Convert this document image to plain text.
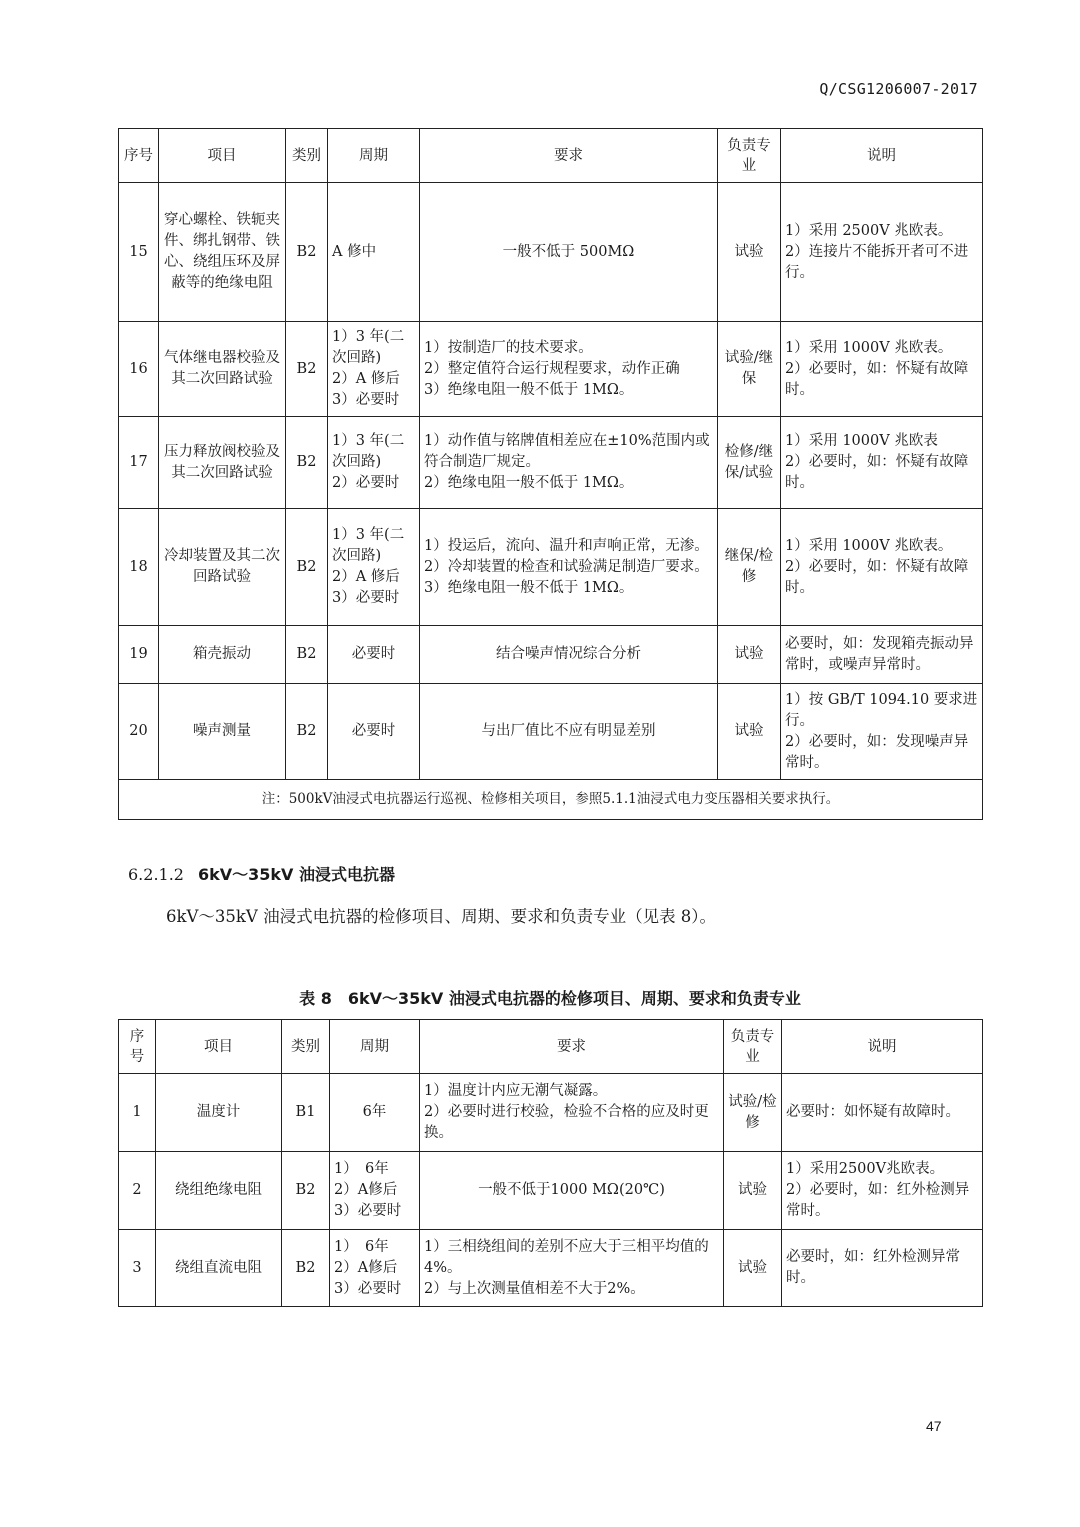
Q/CSG1206007-2017
序号	项目	类别	周期	要求	负责专业	说明
15	穿心螺栓、铁轭夹件、绑扎钢带、铁心、绕组压环及屏蔽等的绝缘电阻	B2	A 修中	一般不低于 500MΩ	试验	1）采用 2500V 兆欧表。
2）连接片不能拆开者可不进行。

16	气体继电器校验及其二次回路试验	B2	1）3 年(二次回路)
2）A 修后
3）必要时	1）按制造厂的技术要求。
2）整定值符合运行规程要求，动作正确
3）绝缘电阻一般不低于 1MΩ。	试验/继保	1）采用 1000V 兆欧表。
2）必要时，如：怀疑有故障时。

17	压力释放阀校验及其二次回路试验	B2	1）3 年(二次回路)
2）必要时	1）动作值与铭牌值相差应在±10%范围内或符合制造厂规定。
2）绝缘电阻一般不低于 1MΩ。	检修/继保/试验	1）采用 1000V 兆欧表
2）必要时，如：怀疑有故障时。

18	冷却装置及其二次回路试验	B2	1）3 年(二次回路)
2）A 修后
3）必要时	1）投运后，流向、温升和声响正常，无渗。
2）冷却装置的检查和试验满足制造厂要求。
3）绝缘电阻一般不低于 1MΩ。	继保/检修	1）采用 1000V 兆欧表。
2）必要时，如：怀疑有故障时。

19	箱壳振动	B2	必要时	结合噪声情况综合分析	试验	必要时，如：发现箱壳振动异常时，或噪声异常时。

20	噪声测量	B2	必要时	与出厂值比不应有明显差别	试验	1）按 GB/T 1094.10 要求进行。
2）必要时，如：发现噪声异常时。

注：500kV油浸式电抗器运行巡视、检修相关项目，参照5.1.1油浸式电力变压器相关要求执行。						
6.2.1.2 6kV～35kV 油浸式电抗器
6kV～35kV 油浸式电抗器的检修项目、周期、要求和负责专业（见表 8）。
表 8　6kV～35kV 油浸式电抗器的检修项目、周期、要求和负责专业
序号	项目	类别	周期	要求	负责专业	说明
1	温度计	B1	6年	1）温度计内应无潮气凝露。
2）必要时进行校验，检验不合格的应及时更换。	试验/检修	必要时：如怀疑有故障时。

2	绕组绝缘电阻	B2	1）　6年
2）A修后
3）必要时	一般不低于1000 MΩ(20℃)	试验	1）采用2500V兆欧表。
2）必要时，如：红外检测异常时。

3	绕组直流电阻	B2	1）　6年
2）A修后
3）必要时	1）三相绕组间的差别不应大于三相平均值的4%。
2）与上次测量值相差不大于2%。	试验	必要时，如：红外检测异常时。
47
